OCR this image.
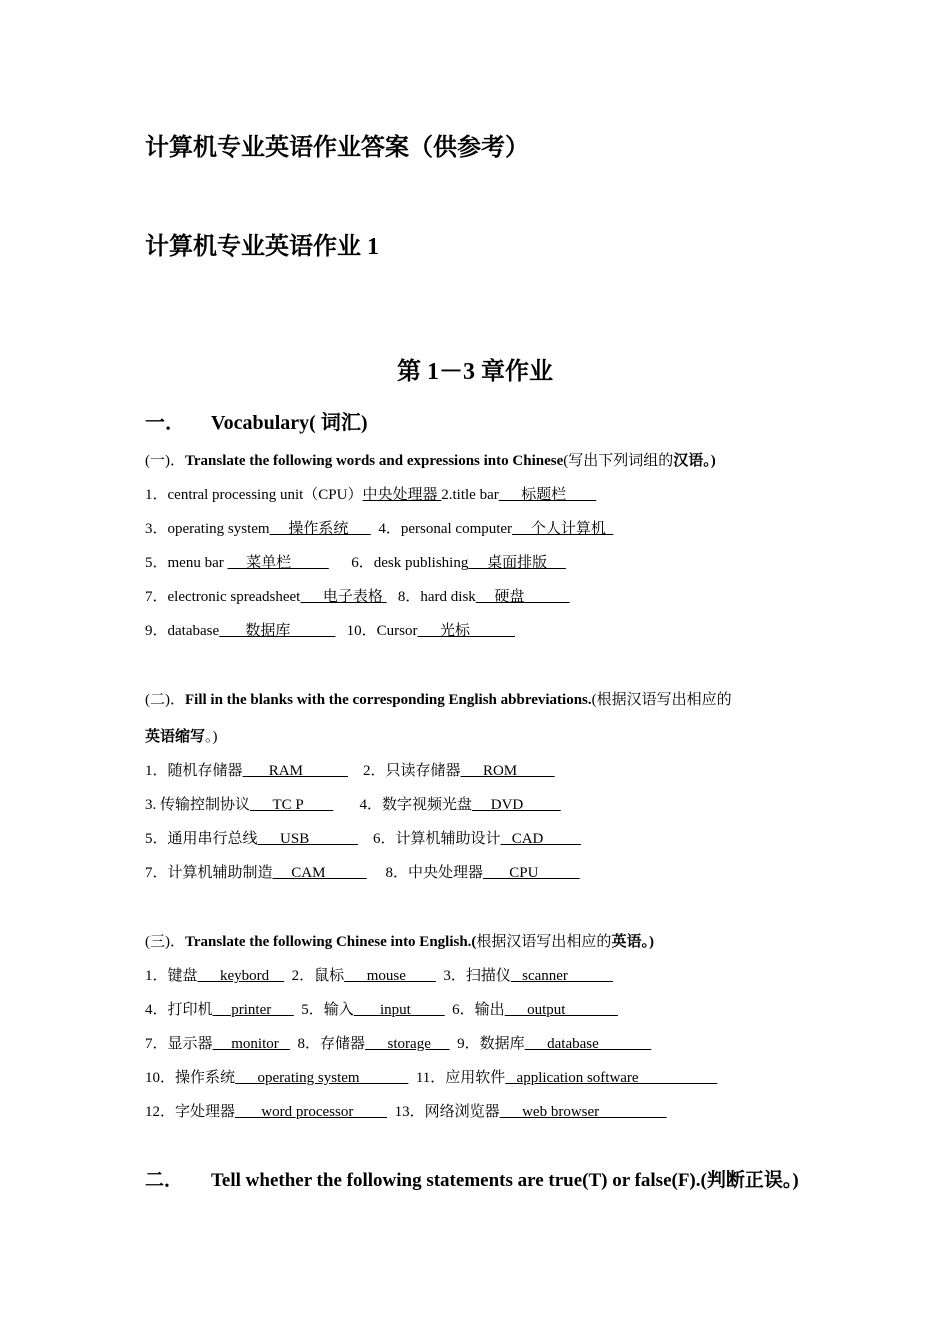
计算机专业英语作业答案（供参考）
计算机专业英语作业 1
第 1－3 章作业
一． Vocabulary( 词汇)
(一)．Translate the following words and expressions into Chinese(写出下列词组的汉语。)
1．central processing unit（CPU）中央处理器 2.title bar      标题栏
3．operating system     操作系统        4．personal computer     个人计算机
5．menu bar      菜单栏                6．desk publishing     桌面排版
7．electronic spreadsheet      电子表格    8．hard disk     硬盘
9．database       数据库               10．Cursor      光标
(二)．Fill in the blanks with the corresponding English abbreviations.(根据汉语写出相应的
英语缩写。)
1．随机存储器       RAM                2．只读存储器      ROM
3. 传输控制协议      TC P               4．数字视频光盘     DVD
5．通用串行总线      USB                 6．计算机辅助设计   CAD
7．计算机辅助制造     CAM                8．中央处理器       CPU
(三)．Translate the following Chinese into English.(根据汉语写出相应的英语。)
1．键盘      keybord      2．鼠标      mouse          3．扫描仪   scanner
4．打印机     printer        5．输入       input           6．输出      output
7．显示器     monitor     8．存储器      storage       9．数据库      database
10．操作系统      operating system               11．应用软件   application software
12．字处理器       word processor           13．网络浏览器      web browser
二． Tell whether the following statements are true(T) or false(F).(判断正误。)
